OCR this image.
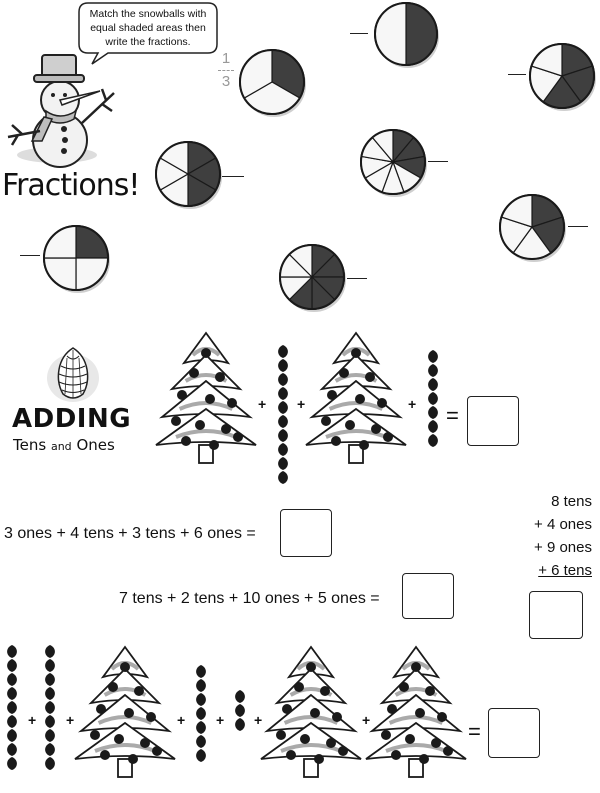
Match the snowballs with equal shaded areas then write the fractions.
Fractions!
1
3
ADDING
Tens and Ones
+ +	+ =
3 ones + 4 tens + 3 tens + 6 ones =
7 tens + 2 tens + 10 ones + 5 ones =
8 tens
+ 4 ones
+ 9 ones
+ 6 tens
+ +	+ + +	+	=
